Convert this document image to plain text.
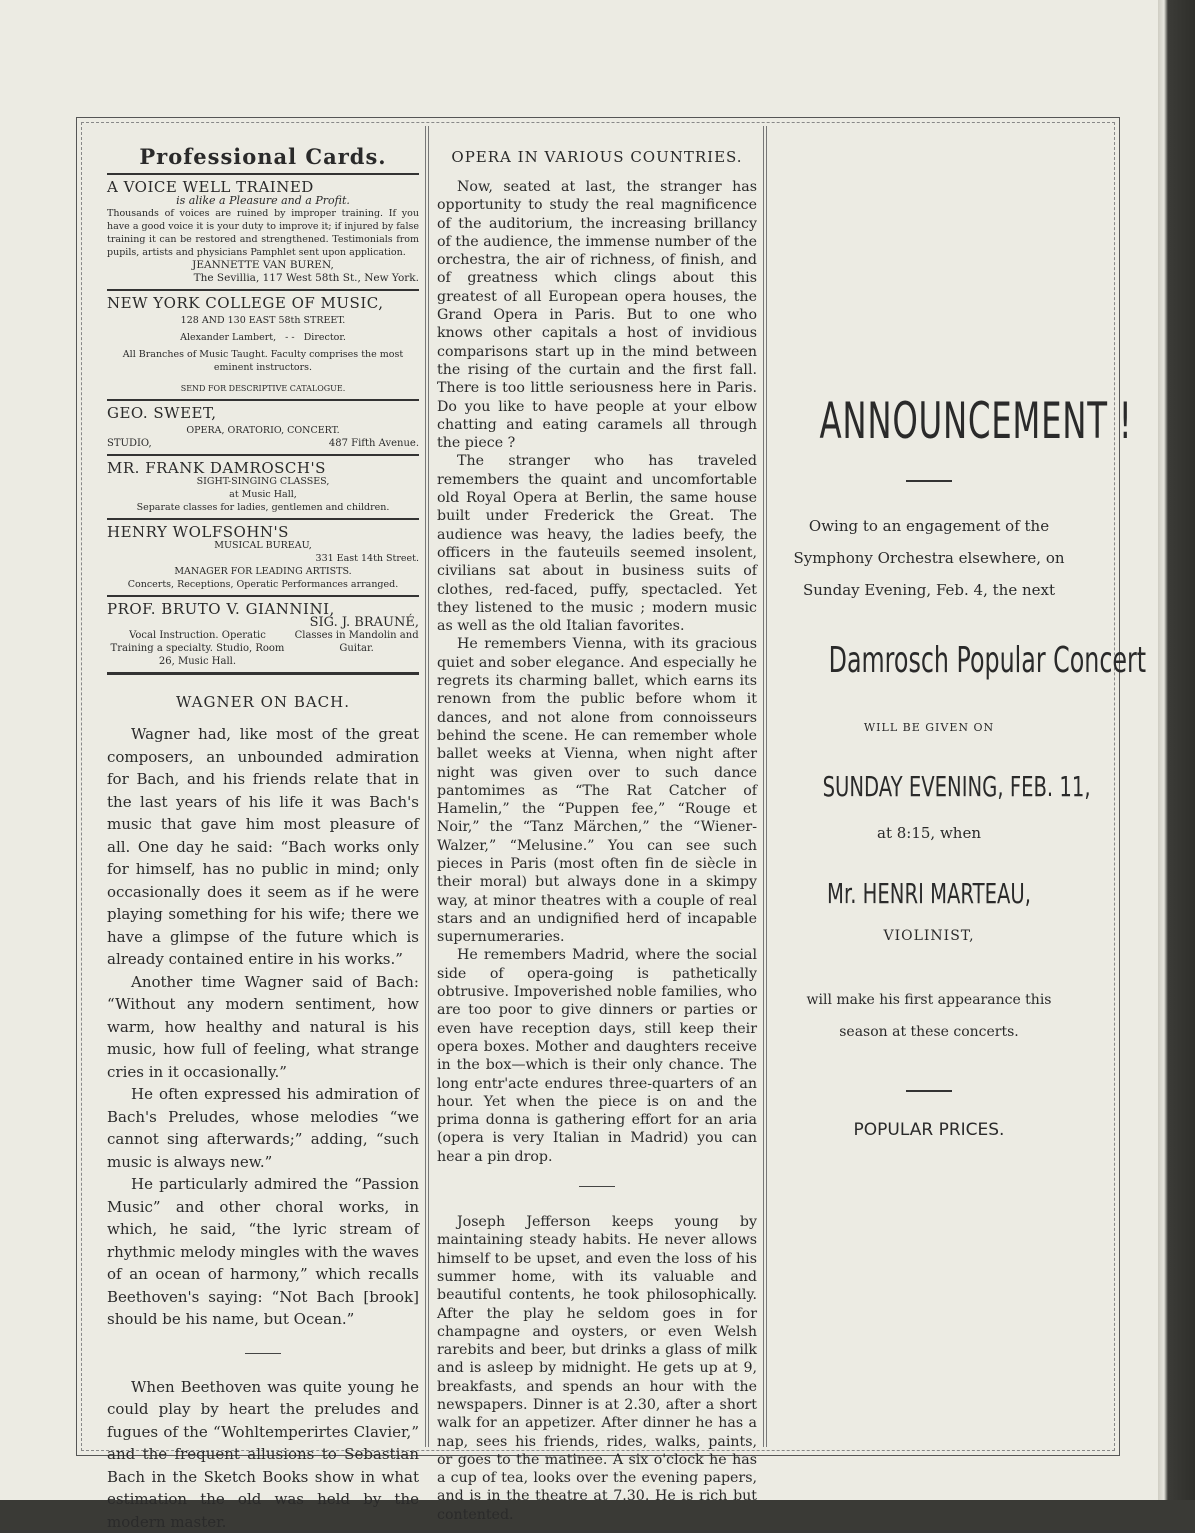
Professional Cards.
A VOICE WELL TRAINED
is alike a Pleasure and a Profit.
Thousands of voices are ruined by improper training. If you have a good voice it is your duty to improve it; if injured by false training it can be restored and strengthened. Testimonials from pupils, artists and physicians Pamphlet sent upon application.
JEANNETTE VAN BUREN,
The Sevillia, 117 West 58th St., New York.
NEW YORK COLLEGE OF MUSIC,
128 AND 130 EAST 58th STREET.
Alexander Lambert, - - Director.
All Branches of Music Taught. Faculty comprises the most eminent instructors.
SEND FOR DESCRIPTIVE CATALOGUE.
GEO. SWEET,
OPERA, ORATORIO, CONCERT.
STUDIO,	487 Fifth Avenue.
MR. FRANK DAMROSCH'S
SIGHT-SINGING CLASSES,
at Music Hall,
Separate classes for ladies, gentlemen and children.
HENRY WOLFSOHN'S
MUSICAL BUREAU,
331 East 14th Street.
MANAGER FOR LEADING ARTISTS.
Concerts, Receptions, Operatic Performances arranged.
PROF. BRUTO V. GIANNINI,
SIG. J. BRAUNÉ,
Vocal Instruction. Operatic Training a specialty. Studio, Room 26, Music Hall.
Classes in Mandolin and Guitar.
WAGNER ON BACH.

Wagner had, like most of the great composers, an unbounded admiration for Bach, and his friends relate that in the last years of his life it was Bach's music that gave him most pleasure of all. One day he said: “Bach works only for himself, has no public in mind; only occasionally does it seem as if he were playing something for his wife; there we have a glimpse of the future which is already contained entire in his works.”

Another time Wagner said of Bach: “Without any modern sentiment, how warm, how healthy and natural is his music, how full of feeling, what strange cries in it occasionally.”

He often expressed his admiration of Bach's Preludes, whose melodies “we cannot sing afterwards;” adding, “such music is always new.”

He particularly admired the “Passion Music” and other choral works, in which, he said, “the lyric stream of rhythmic melody mingles with the waves of an ocean of harmony,” which recalls Beethoven's saying: “Not Bach [brook] should be his name, but Ocean.”

When Beethoven was quite young he could play by heart the preludes and fugues of the “Wohltemperirtes Clavier,” and the frequent allusions to Sebastian Bach in the Sketch Books show in what estimation the old was held by the modern master.

OPERA IN VARIOUS COUNTRIES.

Now, seated at last, the stranger has opportunity to study the real magnificence of the auditorium, the increasing brillancy of the audience, the immense number of the orchestra, the air of richness, of finish, and of greatness which clings about this greatest of all European opera houses, the Grand Opera in Paris. But to one who knows other capitals a host of invidious comparisons start up in the mind between the rising of the curtain and the first fall. There is too little seriousness here in Paris. Do you like to have people at your elbow chatting and eating caramels all through the piece ?

The stranger who has traveled remembers the quaint and uncomfortable old Royal Opera at Berlin, the same house built under Frederick the Great. The audience was heavy, the ladies beefy, the officers in the fauteuils seemed insolent, civilians sat about in business suits of clothes, red-faced, puffy, spectacled. Yet they listened to the music ; modern music as well as the old Italian favorites.

He remembers Vienna, with its gracious quiet and sober elegance. And especially he regrets its charming ballet, which earns its renown from the public before whom it dances, and not alone from connoisseurs behind the scene. He can remember whole ballet weeks at Vienna, when night after night was given over to such dance pantomimes as “The Rat Catcher of Hamelin,” the “Puppen fee,” “Rouge et Noir,” the “Tanz Märchen,” the “Wiener-Walzer,” “Melusine.” You can see such pieces in Paris (most often fin de siècle in their moral) but always done in a skimpy way, at minor theatres with a couple of real stars and an undignified herd of incapable supernumeraries.

He remembers Madrid, where the social side of opera-going is pathetically obtrusive. Impoverished noble families, who are too poor to give dinners or parties or even have reception days, still keep their opera boxes. Mother and daughters receive in the box—which is their only chance. The long entr'acte endures three-quarters of an hour. Yet when the piece is on and the prima donna is gathering effort for an aria (opera is very Italian in Madrid) you can hear a pin drop.

Joseph Jefferson keeps young by maintaining steady habits. He never allows himself to be upset, and even the loss of his summer home, with its valuable and beautiful contents, he took philosophically. After the play he seldom goes in for champagne and oysters, or even Welsh rarebits and beer, but drinks a glass of milk and is asleep by midnight. He gets up at 9, breakfasts, and spends an hour with the newspapers. Dinner is at 2.30, after a short walk for an appetizer. After dinner he has a nap, sees his friends, rides, walks, paints, or goes to the matinee. A six o'clock he has a cup of tea, looks over the evening papers, and is in the theatre at 7.30. He is rich but contented.

ANNOUNCEMENT !
Owing to an engagement of the Symphony Orchestra elsewhere, on Sunday Evening, Feb. 4, the next
Damrosch Popular Concert
WILL BE GIVEN ON
SUNDAY EVENING, FEB. 11,
at 8:15, when
Mr. HENRI MARTEAU,
VIOLINIST,
will make his first appearance this season at these concerts.
POPULAR PRICES.
